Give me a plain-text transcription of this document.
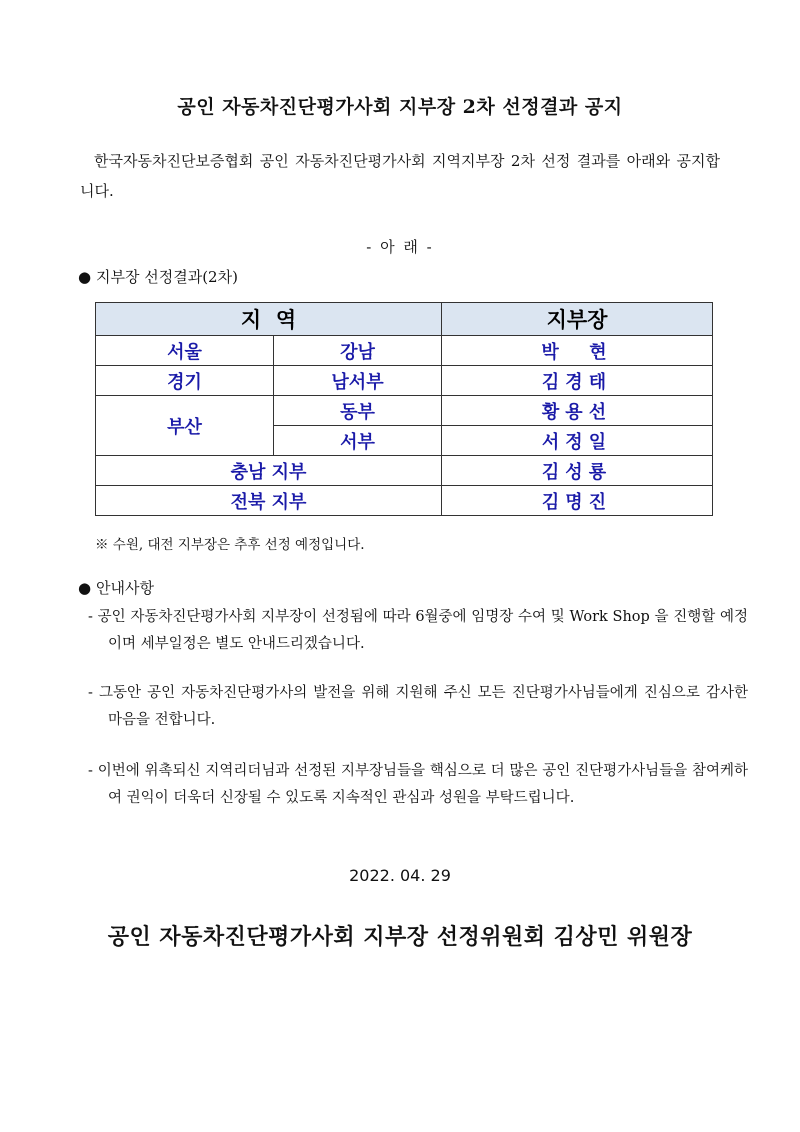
공인 자동차진단평가사회 지부장 2차 선정결과 공지
한국자동차진단보증협회 공인 자동차진단평가사회 지역지부장 2차 선정 결과를 아래와 공지합니다.
- 아 래 -
● 지부장 선정결과(2차)
지  역		지부장
서울	강남	박  현
경기	남서부	김경태
부산	동부	황용선
	서부	서정일
충남 지부		김성룡
전북 지부		김명진
※ 수원, 대전 지부장은 추후 선정 예정입니다.
● 안내사항
- 공인 자동차진단평가사회 지부장이 선정됨에 따라 6월중에 임명장 수여 및 Work Shop 을 진행할 예정이며 세부일정은 별도 안내드리겠습니다.
- 그동안 공인 자동차진단평가사의 발전을 위해 지원해 주신 모든 진단평가사님들에게 진심으로 감사한 마음을 전합니다.
- 이번에 위촉되신 지역리더님과 선정된 지부장님들을 핵심으로 더 많은 공인 진단평가사님들을 참여케하여 권익이 더욱더 신장될 수 있도록 지속적인 관심과 성원을 부탁드립니다.
2022. 04. 29
공인 자동차진단평가사회 지부장 선정위원회 김상민 위원장
